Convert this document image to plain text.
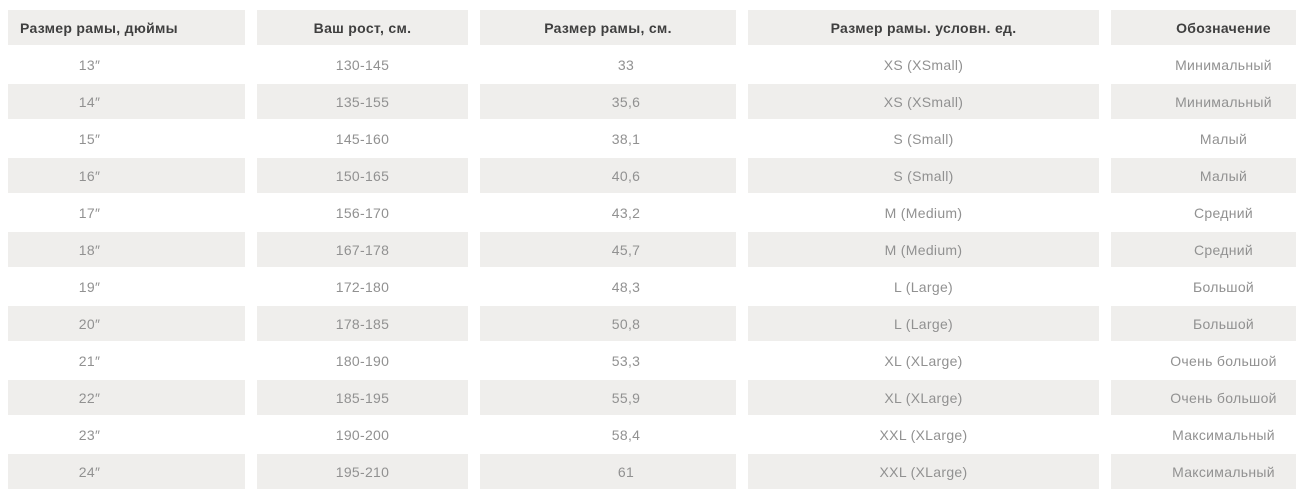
Размер рамы, дюймы	Ваш рост, см.	Размер рамы, см.	Размер рамы. условн. ед.	Обозначение
13″	130-145	33	XS (XSmall)	Минимальный
14″	135-155	35,6	XS (XSmall)	Минимальный
15″	145-160	38,1	S (Small)	Малый
16″	150-165	40,6	S (Small)	Малый
17″	156-170	43,2	M (Medium)	Средний
18″	167-178	45,7	M (Medium)	Средний
19″	172-180	48,3	L (Large)	Большой
20″	178-185	50,8	L (Large)	Большой
21″	180-190	53,3	XL (XLarge)	Очень большой
22″	185-195	55,9	XL (XLarge)	Очень большой
23″	190-200	58,4	XXL (XLarge)	Максимальный
24″	195-210	61	XXL (XLarge)	Максимальный
